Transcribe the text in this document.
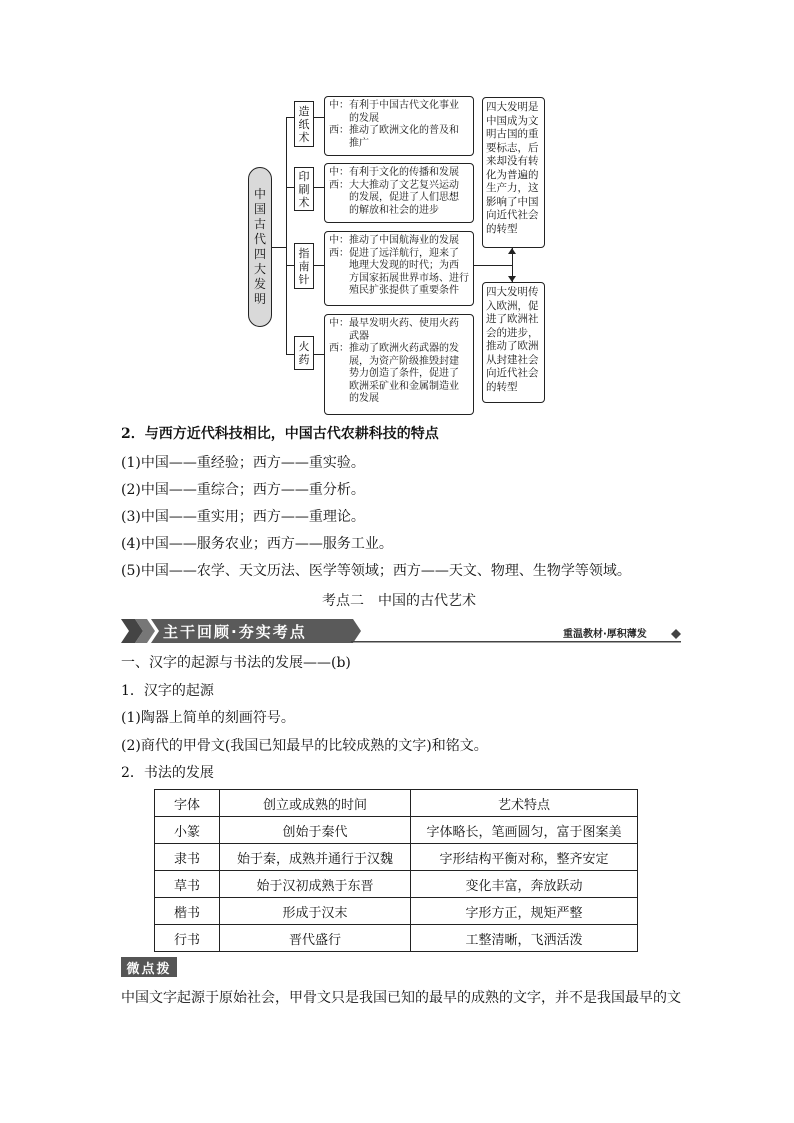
中国古代四大发明
造纸术
印刷术
指南针
火药
中：有利于中国古代文化事业
　　的发展
西：推动了欧洲文化的普及和
　　推广
中：有利于文化的传播和发展
西：大大推动了文艺复兴运动
　　的发展，促进了人们思想
　　的解放和社会的进步
中：推动了中国航海业的发展
西：促进了远洋航行，迎来了
　　地理大发现的时代；为西
　　方国家拓展世界市场、进行
　　殖民扩张提供了重要条件
中：最早发明火药、使用火药
　　武器
西：推动了欧洲火药武器的发
　　展，为资产阶级推毁封建
　　势力创造了条件，促进了
　　欧洲采矿业和金属制造业
　　的发展
四大发明是
中国成为文
明古国的重
要标志，后
来却没有转
化为普遍的
生产力，这
影响了中国
向近代社会
的转型
四大发明传
入欧洲，促
进了欧洲社
会的进步，
推动了欧洲
从封建社会
向近代社会
的转型
2．与西方近代科技相比，中国古代农耕科技的特点
(1)中国——重经验；西方——重实验。
(2)中国——重综合；西方——重分析。
(3)中国——重实用；西方——重理论。
(4)中国——服务农业；西方——服务工业。
(5)中国——农学、天文历法、医学等领域；西方——天文、物理、生物学等领域。
考点二　中国的古代艺术
主干回顾·夯实考点	重温教材·厚积薄发
一、汉字的起源与书法的发展——(b)
1．汉字的起源
(1)陶器上简单的刻画符号。
(2)商代的甲骨文(我国已知最早的比较成熟的文字)和铭文。
2．书法的发展
字体	创立或成熟的时间	艺术特点
小篆	创始于秦代	字体略长，笔画圆匀，富于图案美
隶书	始于秦，成熟并通行于汉魏	字形结构平衡对称，整齐安定
草书	始于汉初成熟于东晋	变化丰富，奔放跃动
楷书	形成于汉末	字形方正，规矩严整
行书	晋代盛行	工整清晰，飞洒活泼
微点拨
中国文字起源于原始社会，甲骨文只是我国已知的最早的成熟的文字，并不是我国最早的文
